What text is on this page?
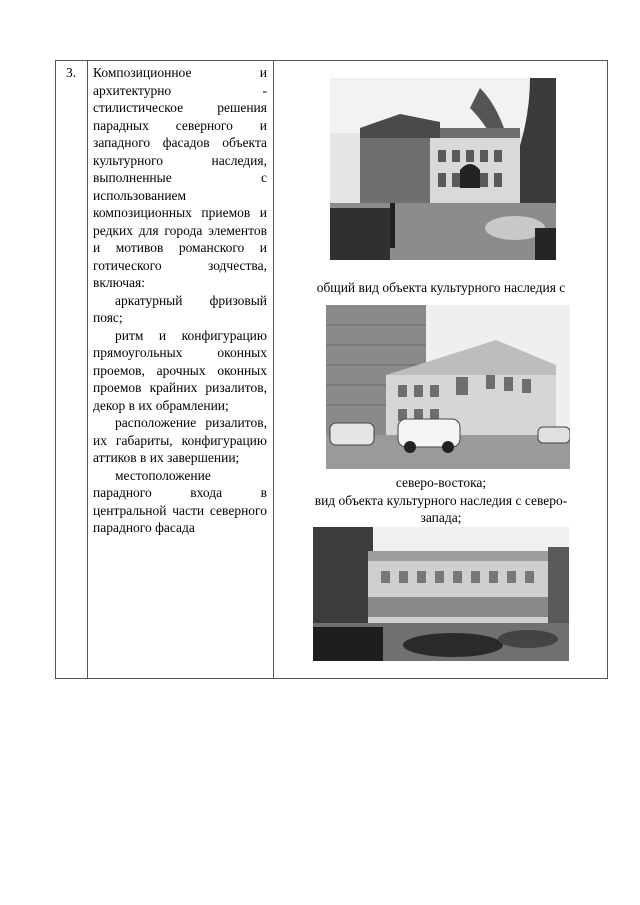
3. Композиционное и архитектурно - стилистическое решения парадных северного и западного фасадов объекта культурного наследия, выполненные с использованием композиционных приемов и редких для города элементов и мотивов романского и готического зодчества, включая:

аркатурный фризовый пояс;

ритм и конфигурацию прямоугольных оконных проемов, арочных оконных проемов крайних ризалитов, декор в их обрамлении;

расположение ризалитов, их габариты, конфигурацию аттиков в их завершении;

местоположение парадного входа в центральной части северного парадного фасада

общий вид объекта культурного наследия с
северо-востока;
вид объекта культурного наследия с северо-
запада;
